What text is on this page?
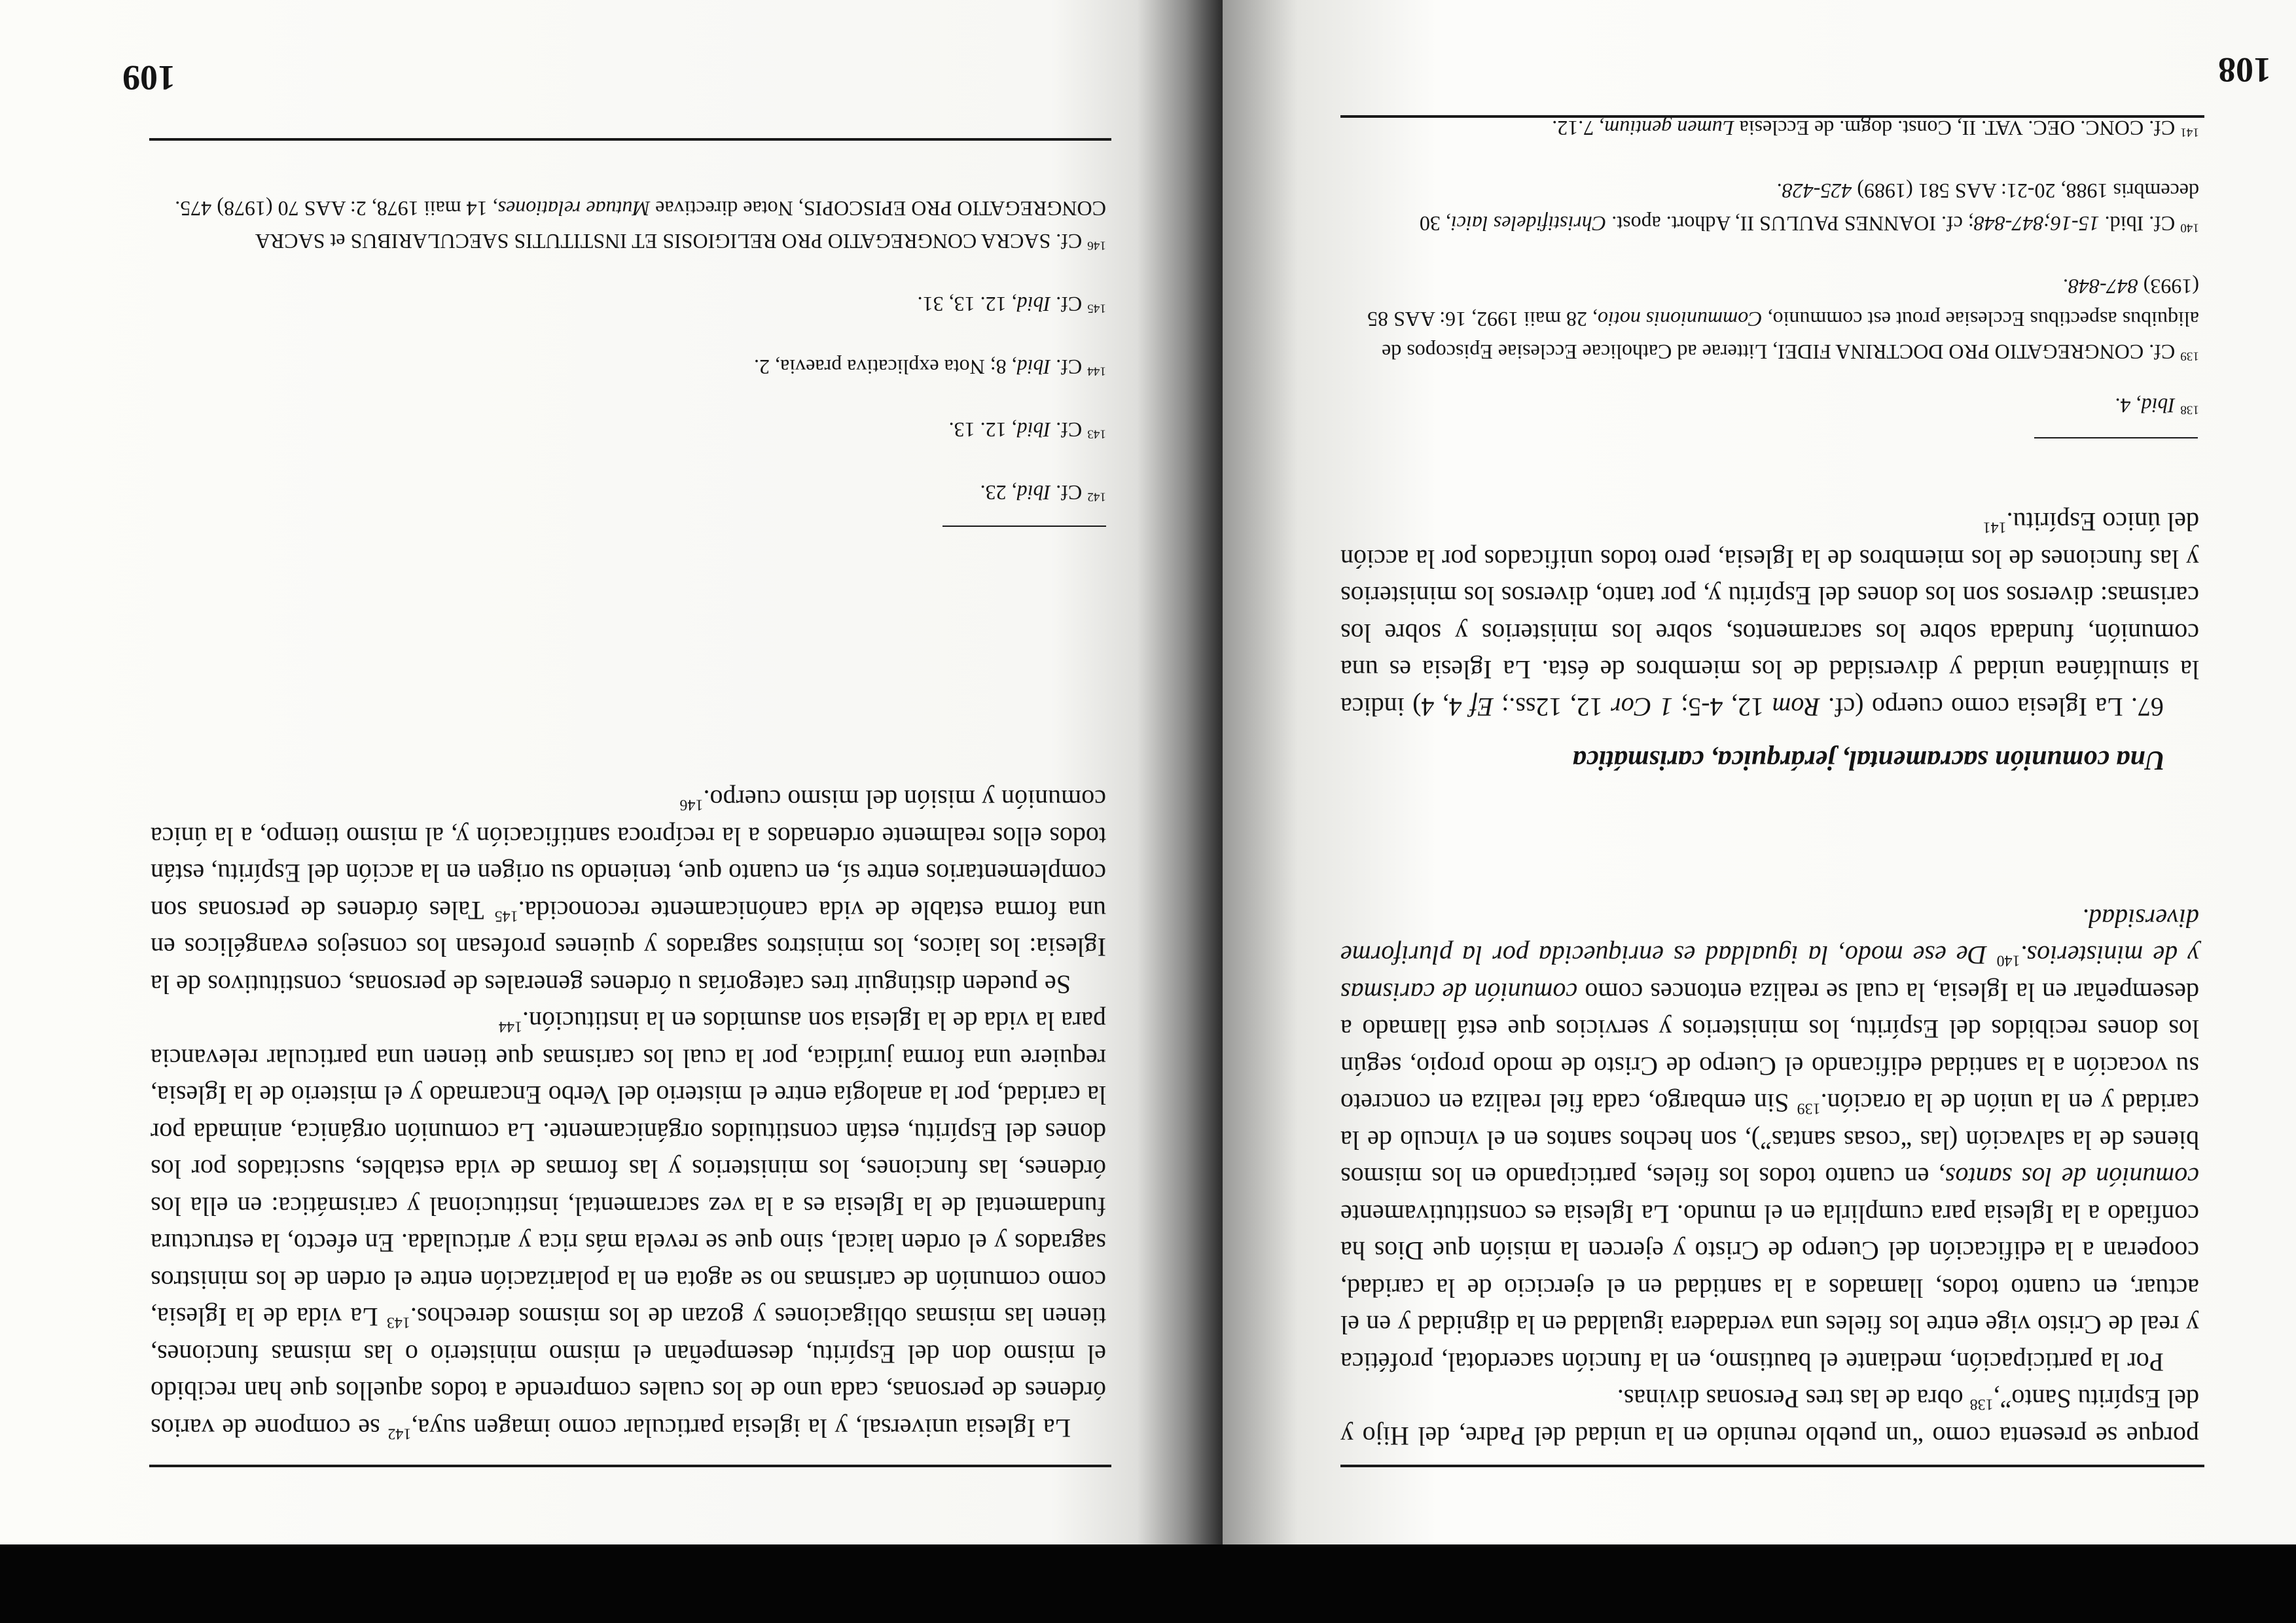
porque se presenta como “un pueblo reunido en la unidad del Padre, del Hijo y del Espíritu Santo”,$^{138}$ obra de las tres Personas divinas.

Por la participación, mediante el bautismo, en la función sacerdotal, profética y real de Cristo vige entre los fieles una verdadera igualdad en la dignidad y en el actuar, en cuanto todos, llamados a la santidad en el ejercicio de la caridad, cooperan a la edificación del Cuerpo de Cristo y ejercen la misión que Dios ha confiado a la Iglesia para cumplirla en el mundo. La Iglesia es constitutivamente comunión de los santos, en cuanto todos los fieles, participando en los mismos bienes de la salvación (las “cosas santas”), son hechos santos en el vínculo de la caridad y en la unión de la oración.$^{139}$ Sin embargo, cada fiel realiza en concreto su vocación a la santidad edificando el Cuerpo de Cristo de modo propio, según los dones recibidos del Espíritu, los ministerios y servicios que está llamado a desempeñar en la Iglesia, la cual se realiza entonces como comunión de carismas y de ministerios.$^{140}$ De ese modo, la igualdad es enriquecida por la pluriforme diversidad.

Una comunión sacramental, jerárquica, carismática

67. La Iglesia como cuerpo (cf. Rom 12, 4-5; 1 Cor 12, 12ss.; Ef 4, 4) indica la simultánea unidad y diversidad de los miembros de ésta. La Iglesia es una comunión, fundada sobre los sacramentos, sobre los ministerios y sobre los carismas: diversos son los dones del Espíritu y, por tanto, diversos los ministerios y las funciones de los miembros de la Iglesia, pero todos unificados por la acción del único Espíritu.$^{141}$

$^{138}$ Ibid, 4.

$^{139}$ Cf. CONGREGATIO PRO DOCTRINA FIDEI, Litterae ad Catholicae Ecclesiae Episcopos de aliquibus aspectibus Ecclesiae prout est communio, Communionis notio, 28 maii 1992, 16: AAS 85 (1993) 847-848.

$^{140}$ Cf. Ibid. 15-16;847-848; cf. IOANNES PAULUS II, Adhort. apost. Christifideles laici, 30 decembris 1988, 20-21: AAS 581 (1989) 425-428.

$^{141}$ Cf. CONC. OEC. VAT. II, Const. dogm. de Ecclesia Lumen gentium, 7.12.

108

La Iglesia universal, y la iglesia particular como imagen suya,$^{142}$ se compone de varios órdenes de personas, cada uno de los cuales comprende a todos aquellos que han recibido el mismo don del Espíritu, desempeñan el mismo ministerio o las mismas funciones, tienen las mismas obligaciones y gozan de los mismos derechos.$^{143}$ La vida de la Iglesia, como comunión de carismas no se agota en la polarización entre el orden de los ministros sagrados y el orden laical, sino que se revela más rica y articulada. En efecto, la estructura fundamental de la Iglesia es a la vez sacramental, institucional y carismática: en ella los órdenes, las funciones, los ministerios y las formas de vida estables, suscitados por los dones del Espíritu, están constituidos orgánicamente. La comunión orgánica, animada por la caridad, por la analogía entre el misterio del Verbo Encarnado y el misterio de la Iglesia, requiere una forma jurídica, por la cual los carismas que tienen una particular relevancia para la vida de la Iglesia son asumidos en la institución.$^{144}$

Se pueden distinguir tres categorías u órdenes generales de personas, constitutivos de la Iglesia: los laicos, los ministros sagrados y quienes profesan los consejos evangélicos en una forma estable de vida canónicamente reconocida.$^{145}$ Tales órdenes de personas son complementarios entre sí, en cuanto que, teniendo su origen en la acción del Espíritu, están todos ellos realmente ordenados a la recíproca santificación y, al mismo tiempo, a la única comunión y misión del mismo cuerpo.$^{146}$

$^{142}$ Cf. Ibid, 23.

$^{143}$ Cf. Ibid, 12. 13.

$^{144}$ Cf. Ibid, 8; Nota explicativa praevia, 2.

$^{145}$ Cf. Ibid, 12. 13, 31.

$^{146}$ Cf. SACRA CONGREGATIO PRO RELIGIOSIS ET INSTITUTIS SAECULARIBUS et SACRA CONGREGATIO PRO EPISCOPIS, Notae directivae Mutuae relationes, 14 maii 1978, 2: AAS 70 (1978) 475.

109
